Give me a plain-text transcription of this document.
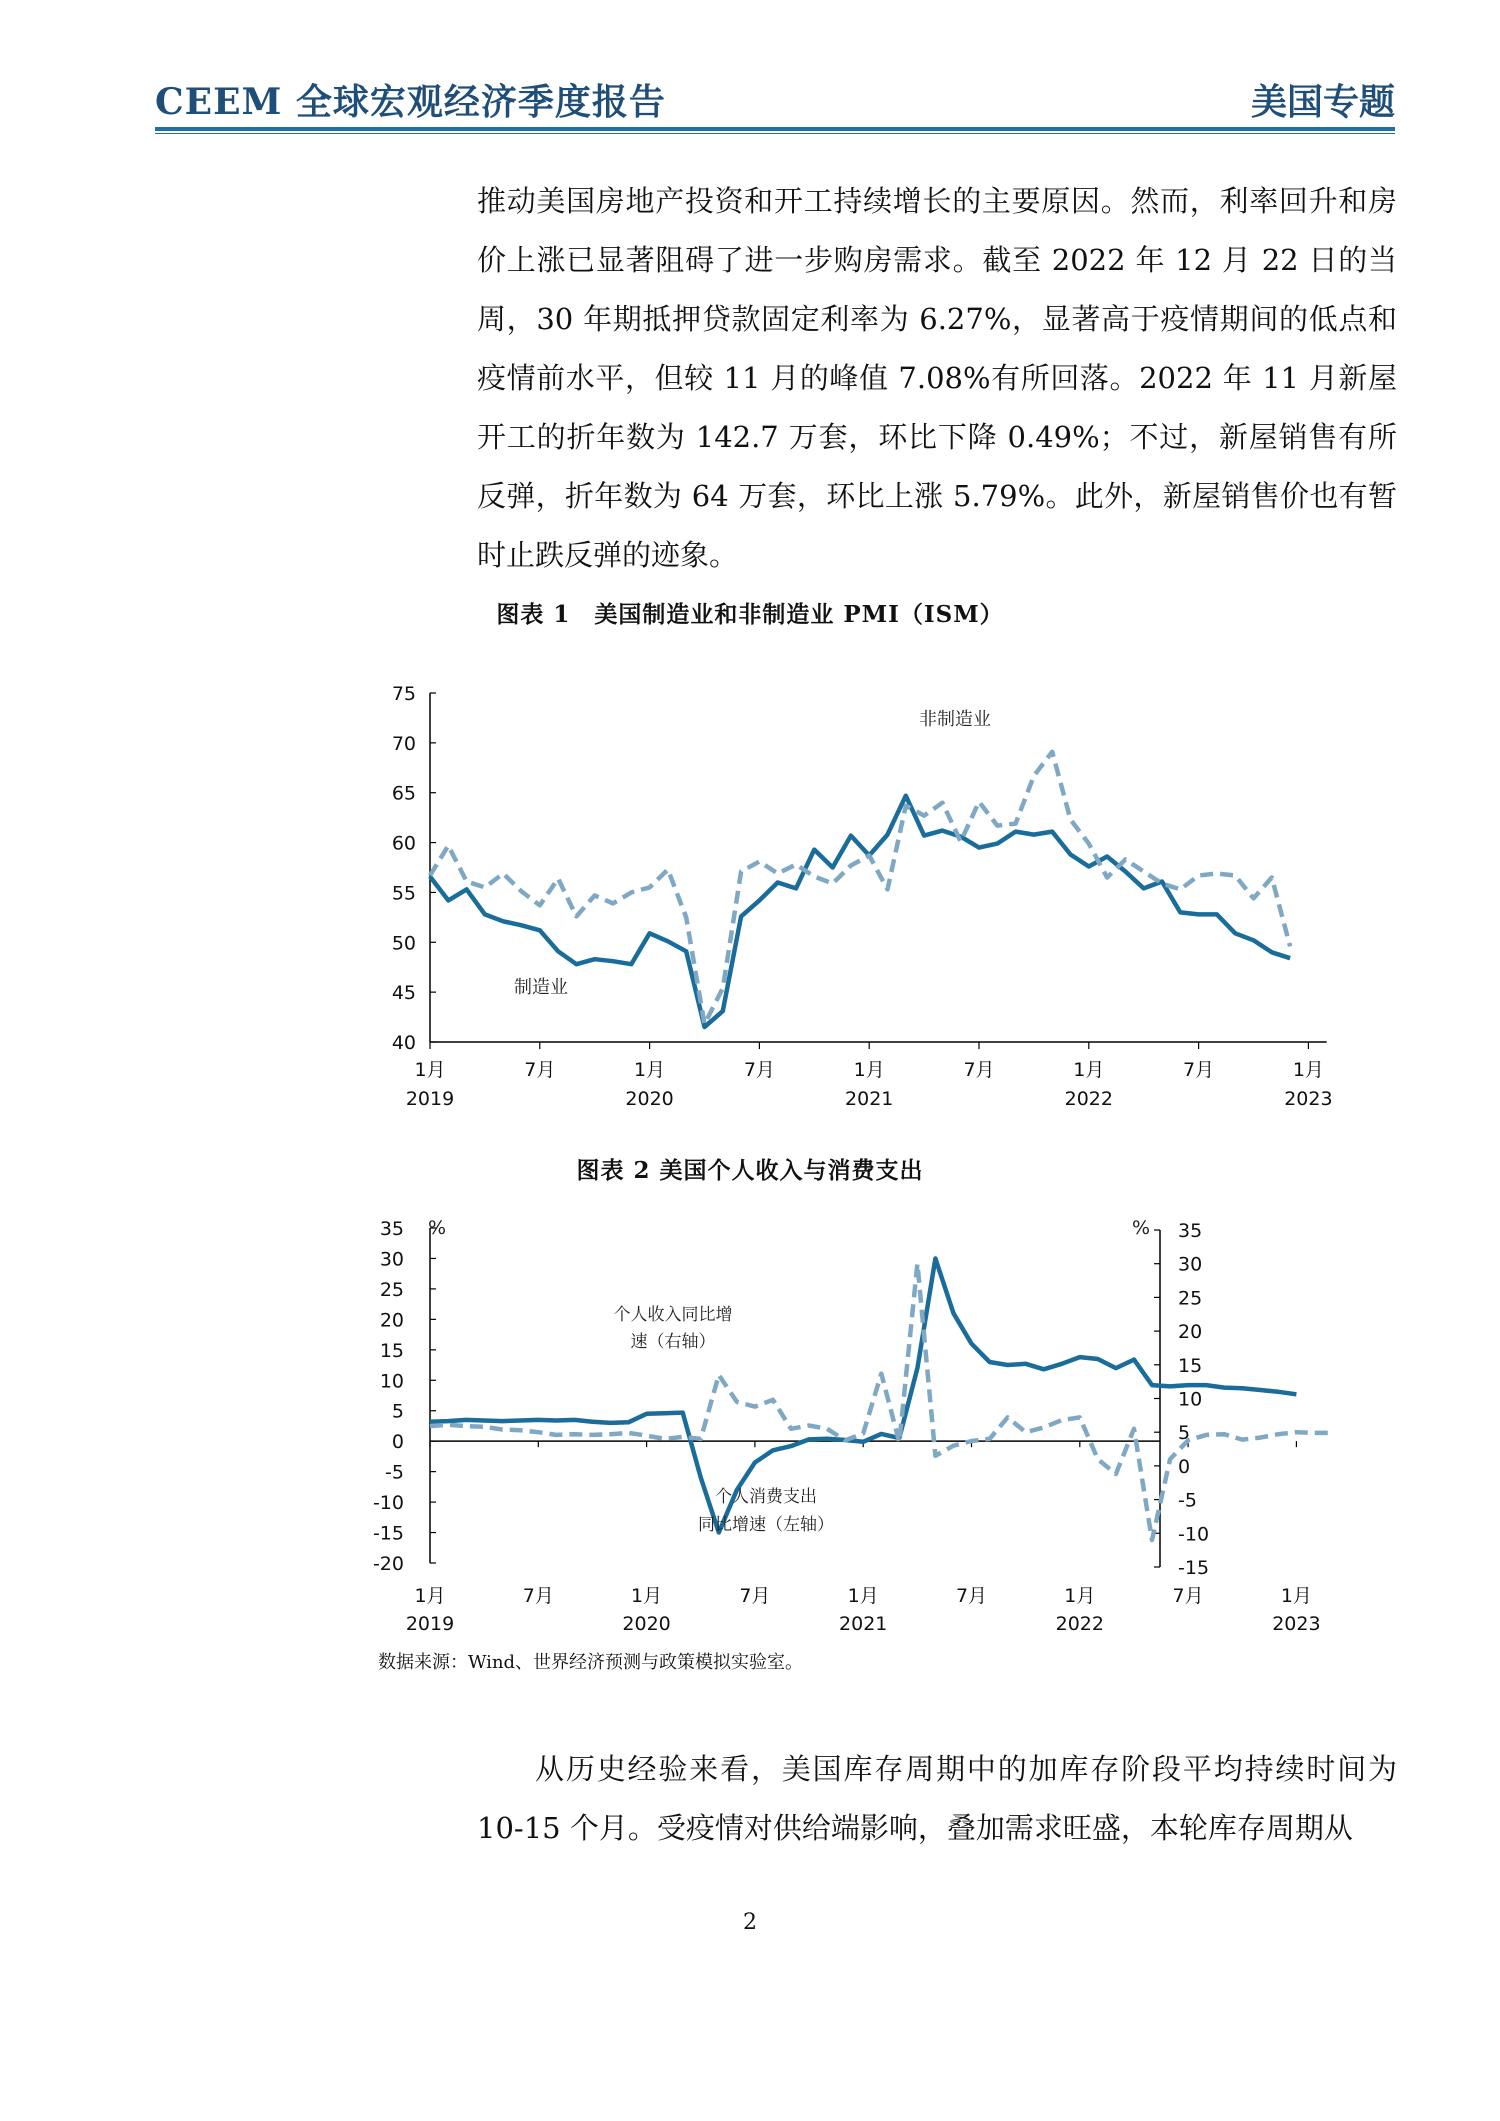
CEEM 全球宏观经济季度报告	美国专题
推动美国房地产投资和开工持续增长的主要原因。然而，利率回升和房价上涨已显著阻碍了进一步购房需求。截至 2022 年 12 月 22 日的当周，30 年期抵押贷款固定利率为 6.27%，显著高于疫情期间的低点和疫情前水平，但较 11 月的峰值 7.08%有所回落。2022 年 11 月新屋开工的折年数为 142.7 万套，环比下降 0.49%；不过，新屋销售有所反弹，折年数为 64 万套，环比上涨 5.79%。此外，新屋销售价也有暂时止跌反弹的迹象。
图表 1　美国制造业和非制造业 PMI（ISM）
40
45
50
55
60
65
70
75
1月
2019
7月	1月
2020
7月	1月
2021
7月	1月
2022
7月	1月
2023
非制造业
制造业
图表 2 美国个人收入与消费支出
-20
-15
-10
-5
0
5
10
15
20
25
30
35
-15
-10
-5
0
5
10
15
20
25
30
35
1月
2019
7月	1月
2020
7月	1月
2021
7月	1月
2022
7月	1月
2023
%	%
个人收入同比增
速（右轴）
个人消费支出
同比增速（左轴）
数据来源：Wind、世界经济预测与政策模拟实验室。
从历史经验来看，美国库存周期中的加库存阶段平均持续时间为 10-15 个月。受疫情对供给端影响，叠加需求旺盛，本轮库存周期从
2
